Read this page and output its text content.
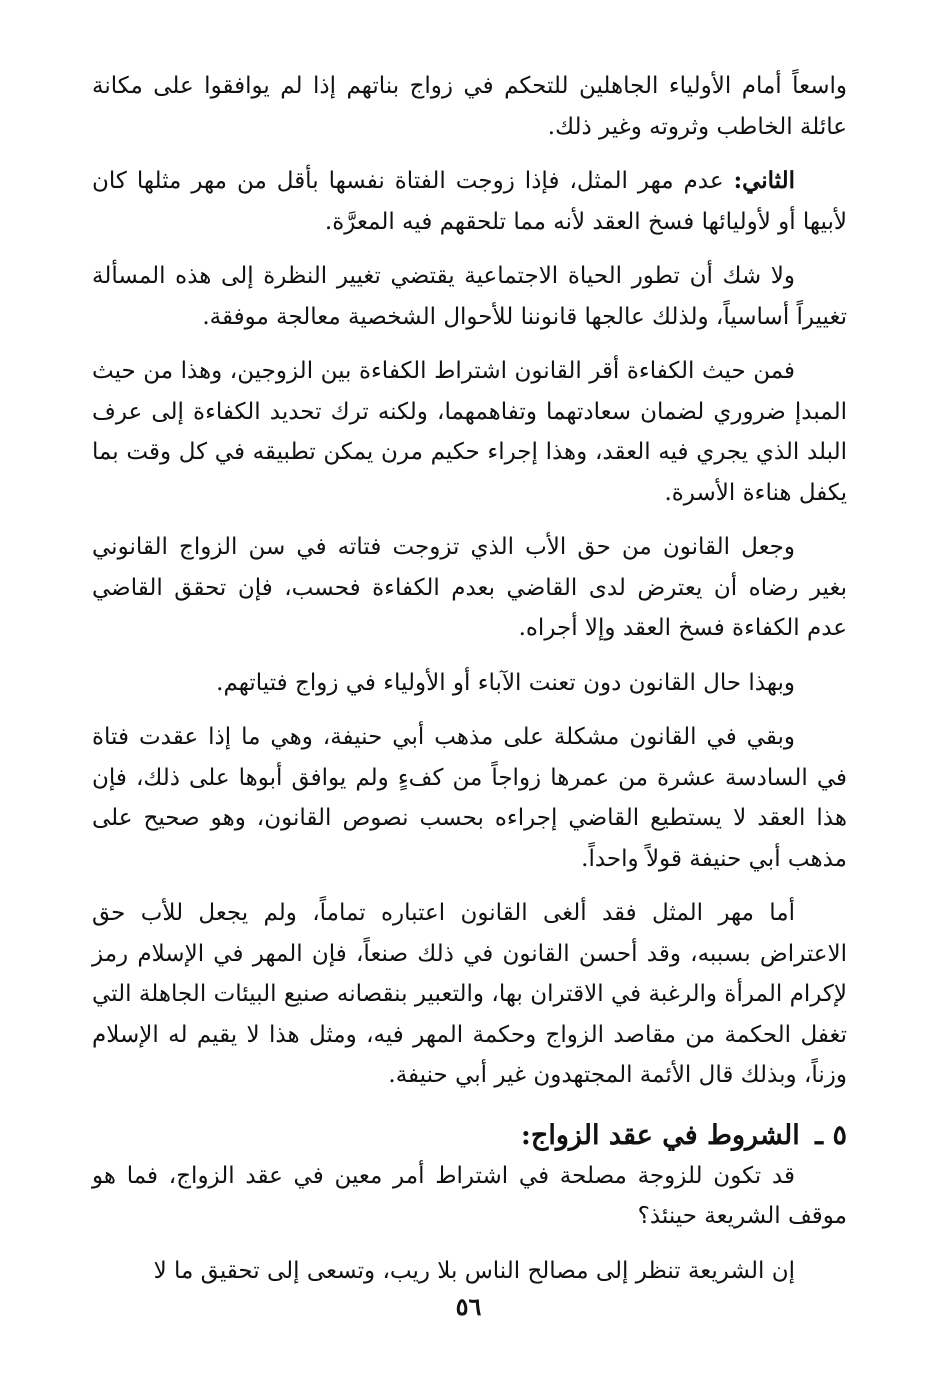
واسعاً أمام الأولياء الجاهلين للتحكم في زواج بناتهم إذا لم يوافقوا على مكانة عائلة الخاطب وثروته وغير ذلك.

الثاني: عدم مهر المثل، فإذا زوجت الفتاة نفسها بأقل من مهر مثلها كان لأبيها أو لأوليائها فسخ العقد لأنه مما تلحقهم فيه المعرَّة.

ولا شك أن تطور الحياة الاجتماعية يقتضي تغيير النظرة إلى هذه المسألة تغييراً أساسياً، ولذلك عالجها قانوننا للأحوال الشخصية معالجة موفقة.

فمن حيث الكفاءة أقر القانون اشتراط الكفاءة بين الزوجين، وهذا من حيث المبدإ ضروري لضمان سعادتهما وتفاهمهما، ولكنه ترك تحديد الكفاءة إلى عرف البلد الذي يجري فيه العقد، وهذا إجراء حكيم مرن يمكن تطبيقه في كل وقت بما يكفل هناءة الأسرة.

وجعل القانون من حق الأب الذي تزوجت فتاته في سن الزواج القانوني بغير رضاه أن يعترض لدى القاضي بعدم الكفاءة فحسب، فإن تحقق القاضي عدم الكفاءة فسخ العقد وإلا أجراه.

وبهذا حال القانون دون تعنت الآباء أو الأولياء في زواج فتياتهم.

وبقي في القانون مشكلة على مذهب أبي حنيفة، وهي ما إذا عقدت فتاة في السادسة عشرة من عمرها زواجاً من كفءٍ ولم يوافق أبوها على ذلك، فإن هذا العقد لا يستطيع القاضي إجراءه بحسب نصوص القانون، وهو صحيح على مذهب أبي حنيفة قولاً واحداً.

أما مهر المثل فقد ألغى القانون اعتباره تماماً، ولم يجعل للأب حق الاعتراض بسببه، وقد أحسن القانون في ذلك صنعاً، فإن المهر في الإسلام رمز لإكرام المرأة والرغبة في الاقتران بها، والتعبير بنقصانه صنيع البيئات الجاهلة التي تغفل الحكمة من مقاصد الزواج وحكمة المهر فيه، ومثل هذا لا يقيم له الإسلام وزناً، وبذلك قال الأئمة المجتهدون غير أبي حنيفة.

٥ ـ الشروط في عقد الزواج:

قد تكون للزوجة مصلحة في اشتراط أمر معين في عقد الزواج، فما هو موقف الشريعة حينئذ؟

إن الشريعة تنظر إلى مصالح الناس بلا ريب، وتسعى إلى تحقيق ما لا

٥٦
